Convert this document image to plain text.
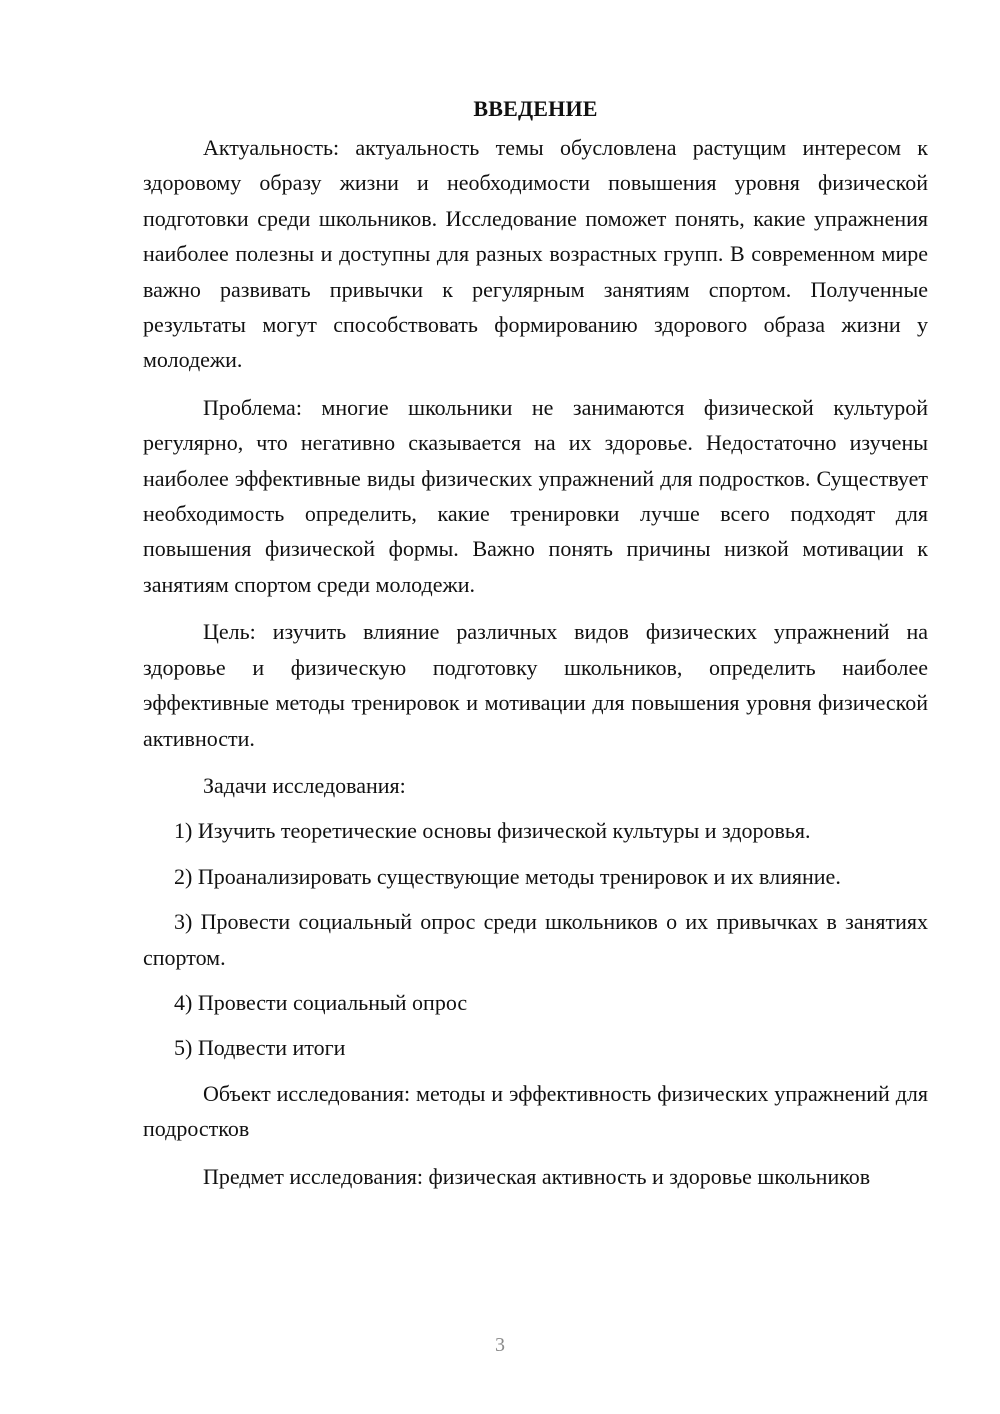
ВВЕДЕНИЕ

Актуальность: актуальность темы обусловлена растущим интересом к здоровому образу жизни и необходимости повышения уровня физической подготовки среди школьников. Исследование поможет понять, какие упражнения наиболее полезны и доступны для разных возрастных групп. В современном мире важно развивать привычки к регулярным занятиям спортом. Полученные результаты могут способствовать формированию здорового образа жизни у молодежи.

Проблема: многие школьники не занимаются физической культурой регулярно, что негативно сказывается на их здоровье. Недостаточно изучены наиболее эффективные виды физических упражнений для подростков. Существует необходимость определить, какие тренировки лучше всего подходят для повышения физической формы. Важно понять причины низкой мотивации к занятиям спортом среди молодежи.

Цель: изучить влияние различных видов физических упражнений на здоровье и физическую подготовку школьников, определить наиболее эффективные методы тренировок и мотивации для повышения уровня физической активности.

Задачи исследования:

1) Изучить теоретические основы физической культуры и здоровья.

2) Проанализировать существующие методы тренировок и их влияние.

3) Провести социальный опрос среди школьников о их привычках в занятиях спортом.

4) Провести социальный опрос

5) Подвести итоги

Объект исследования: методы и эффективность физических упражнений для подростков

Предмет исследования: физическая активность и здоровье школьников

3
